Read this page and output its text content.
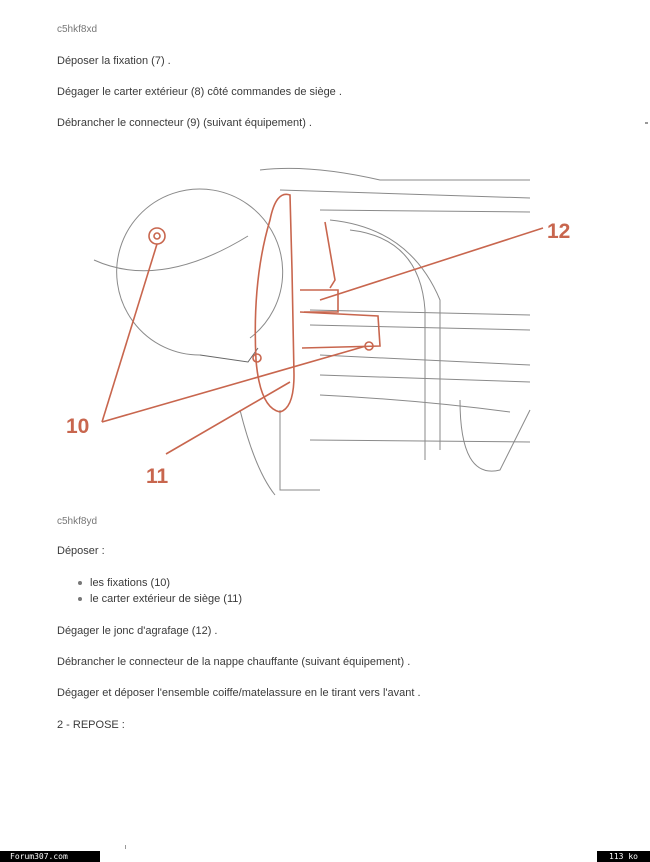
c5hkf8xd
Déposer la fixation (7) .
Dégager le carter extérieur (8) côté commandes de siège .
Débrancher le connecteur (9) (suivant équipement) .
12
10
11
c5hkf8yd
Déposer :
les fixations (10)
le carter extérieur de siège (11)
Dégager le jonc d'agrafage (12) .
Débrancher le connecteur de la nappe chauffante (suivant équipement) .
Dégager et déposer l'ensemble coiffe/matelassure en le tirant vers l'avant .
2 - REPOSE :
Forum307.com	113 ko
